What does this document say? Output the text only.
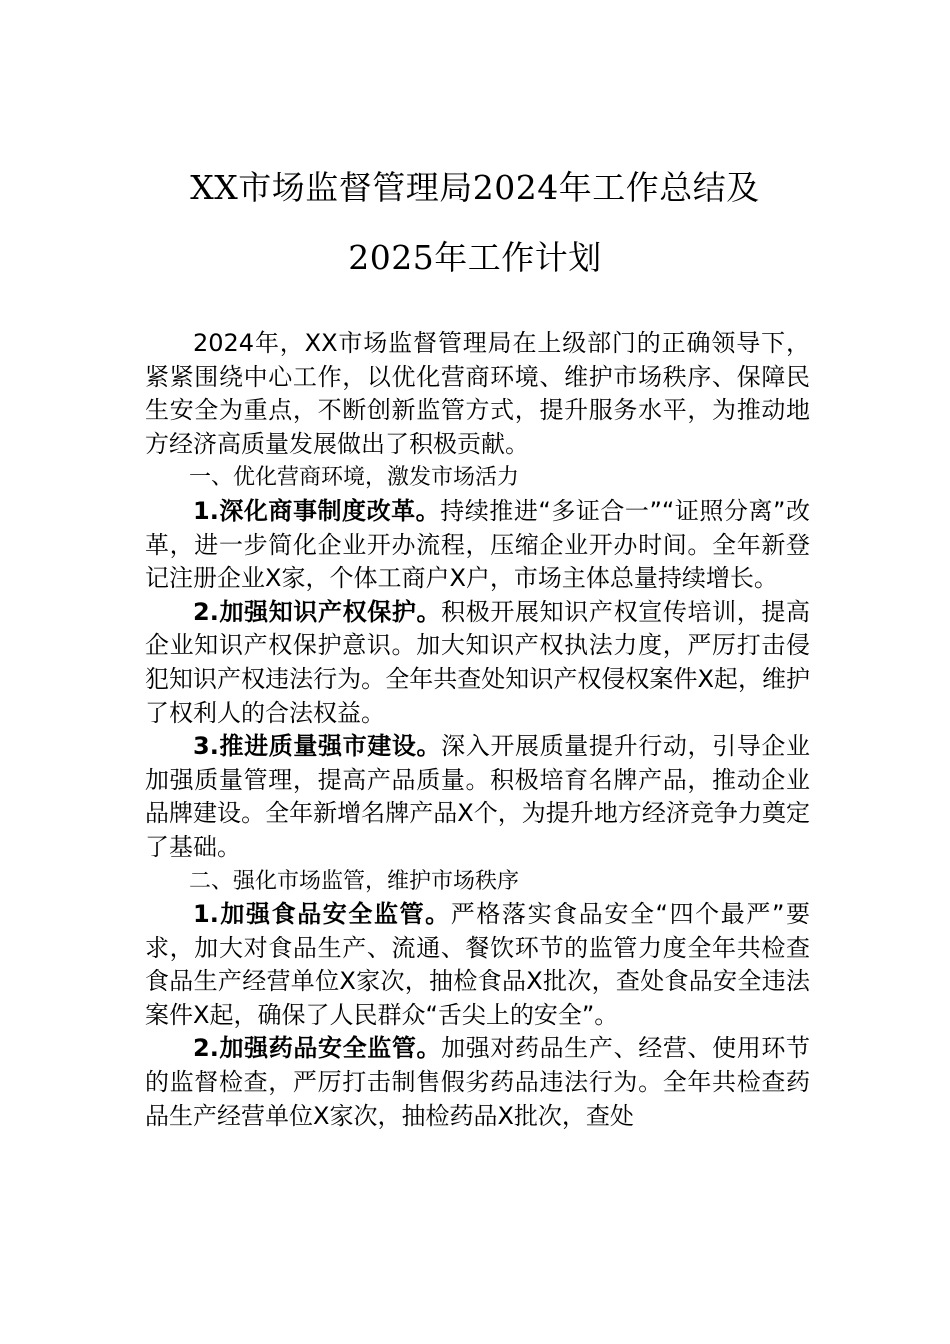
XX市场监督管理局2024年工作总结及
2025年工作计划

2024年，XX市场监督管理局在上级部门的正确领导下，紧紧围绕中心工作，以优化营商环境、维护市场秩序、保障民生安全为重点，不断创新监管方式，提升服务水平，为推动地方经济高质量发展做出了积极贡献。

一、优化营商环境，激发市场活力

1.深化商事制度改革。持续推进“多证合一”“证照分离”改革，进一步简化企业开办流程，压缩企业开办时间。全年新登记注册企业X家，个体工商户X户，市场主体总量持续增长。

2.加强知识产权保护。积极开展知识产权宣传培训，提高企业知识产权保护意识。加大知识产权执法力度，严厉打击侵犯知识产权违法行为。全年共查处知识产权侵权案件X起，维护了权利人的合法权益。

3.推进质量强市建设。深入开展质量提升行动，引导企业加强质量管理，提高产品质量。积极培育名牌产品，推动企业品牌建设。全年新增名牌产品X个，为提升地方经济竞争力奠定了基础。

二、强化市场监管，维护市场秩序

1.加强食品安全监管。严格落实食品安全“四个最严”要求，加大对食品生产、流通、餐饮环节的监管力度全年共检查食品生产经营单位X家次，抽检食品X批次，查处食品安全违法案件X起，确保了人民群众“舌尖上的安全”。

2.加强药品安全监管。加强对药品生产、经营、使用环节的监督检查，严厉打击制售假劣药品违法行为。全年共检查药品生产经营单位X家次，抽检药品X批次，查处
